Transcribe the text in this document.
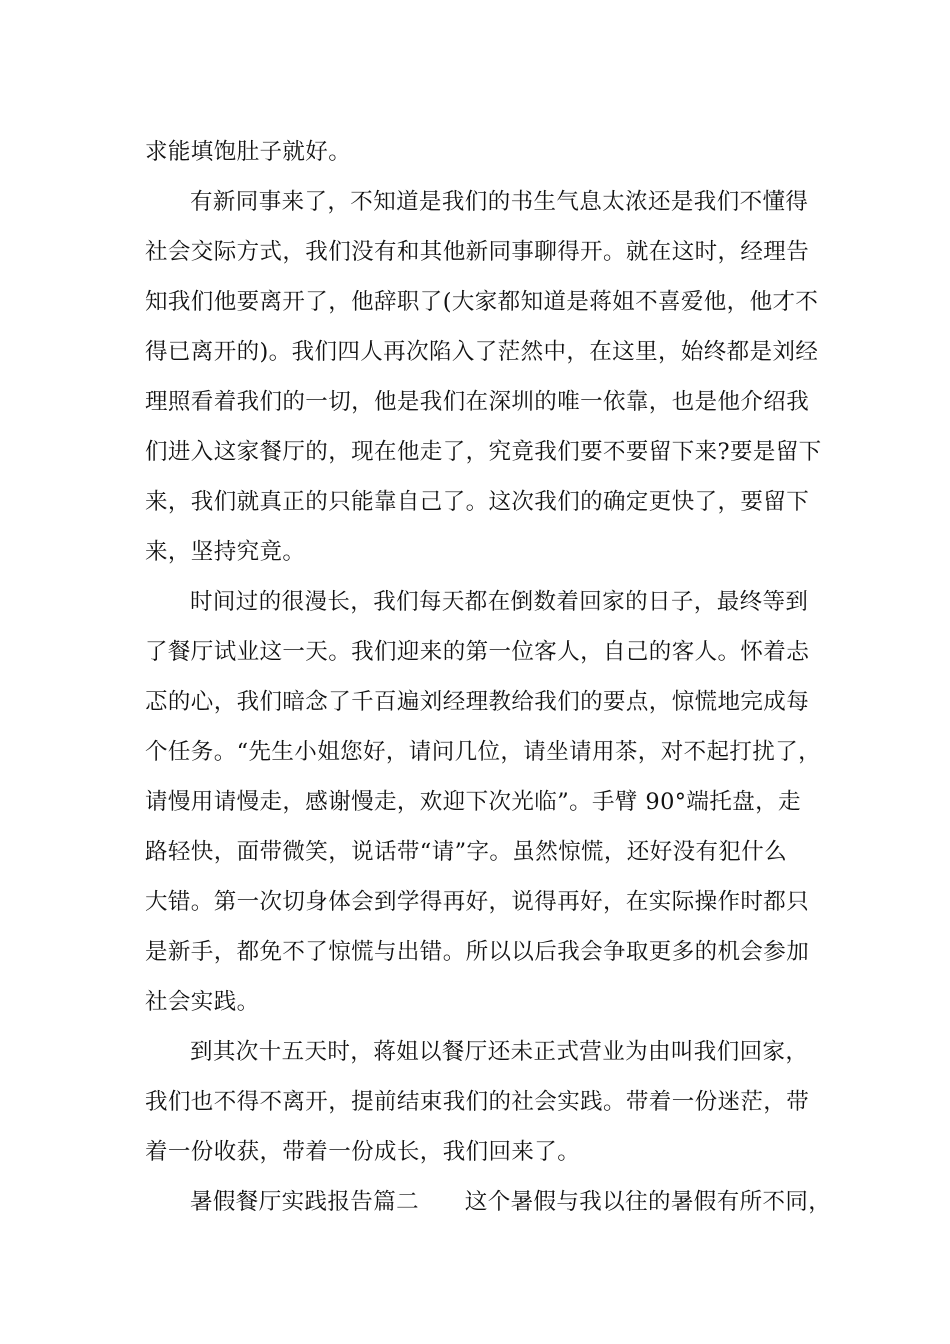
求能填饱肚子就好。
有新同事来了，不知道是我们的书生气息太浓还是我们不懂得
社会交际方式，我们没有和其他新同事聊得开。就在这时，经理告
知我们他要离开了，他辞职了(大家都知道是蒋姐不喜爱他，他才不
得已离开的)。我们四人再次陷入了茫然中，在这里，始终都是刘经
理照看着我们的一切，他是我们在深圳的唯一依靠，也是他介绍我
们进入这家餐厅的，现在他走了，究竟我们要不要留下来?要是留下
来，我们就真正的只能靠自己了。这次我们的确定更快了，要留下
来，坚持究竟。
时间过的很漫长，我们每天都在倒数着回家的日子，最终等到
了餐厅试业这一天。我们迎来的第一位客人，自己的客人。怀着忐
忑的心，我们暗念了千百遍刘经理教给我们的要点，惊慌地完成每
个任务。“先生小姐您好，请问几位，请坐请用茶，对不起打扰了，
请慢用请慢走，感谢慢走，欢迎下次光临”。手臂 90°端托盘，走
路轻快，面带微笑，说话带“请”字。虽然惊慌，还好没有犯什么
大错。第一次切身体会到学得再好，说得再好，在实际操作时都只
是新手，都免不了惊慌与出错。所以以后我会争取更多的机会参加
社会实践。
到其次十五天时，蒋姐以餐厅还未正式营业为由叫我们回家，
我们也不得不离开，提前结束我们的社会实践。带着一份迷茫，带
着一份收获，带着一份成长，我们回来了。
暑假餐厅实践报告篇二　　这个暑假与我以往的暑假有所不同，
